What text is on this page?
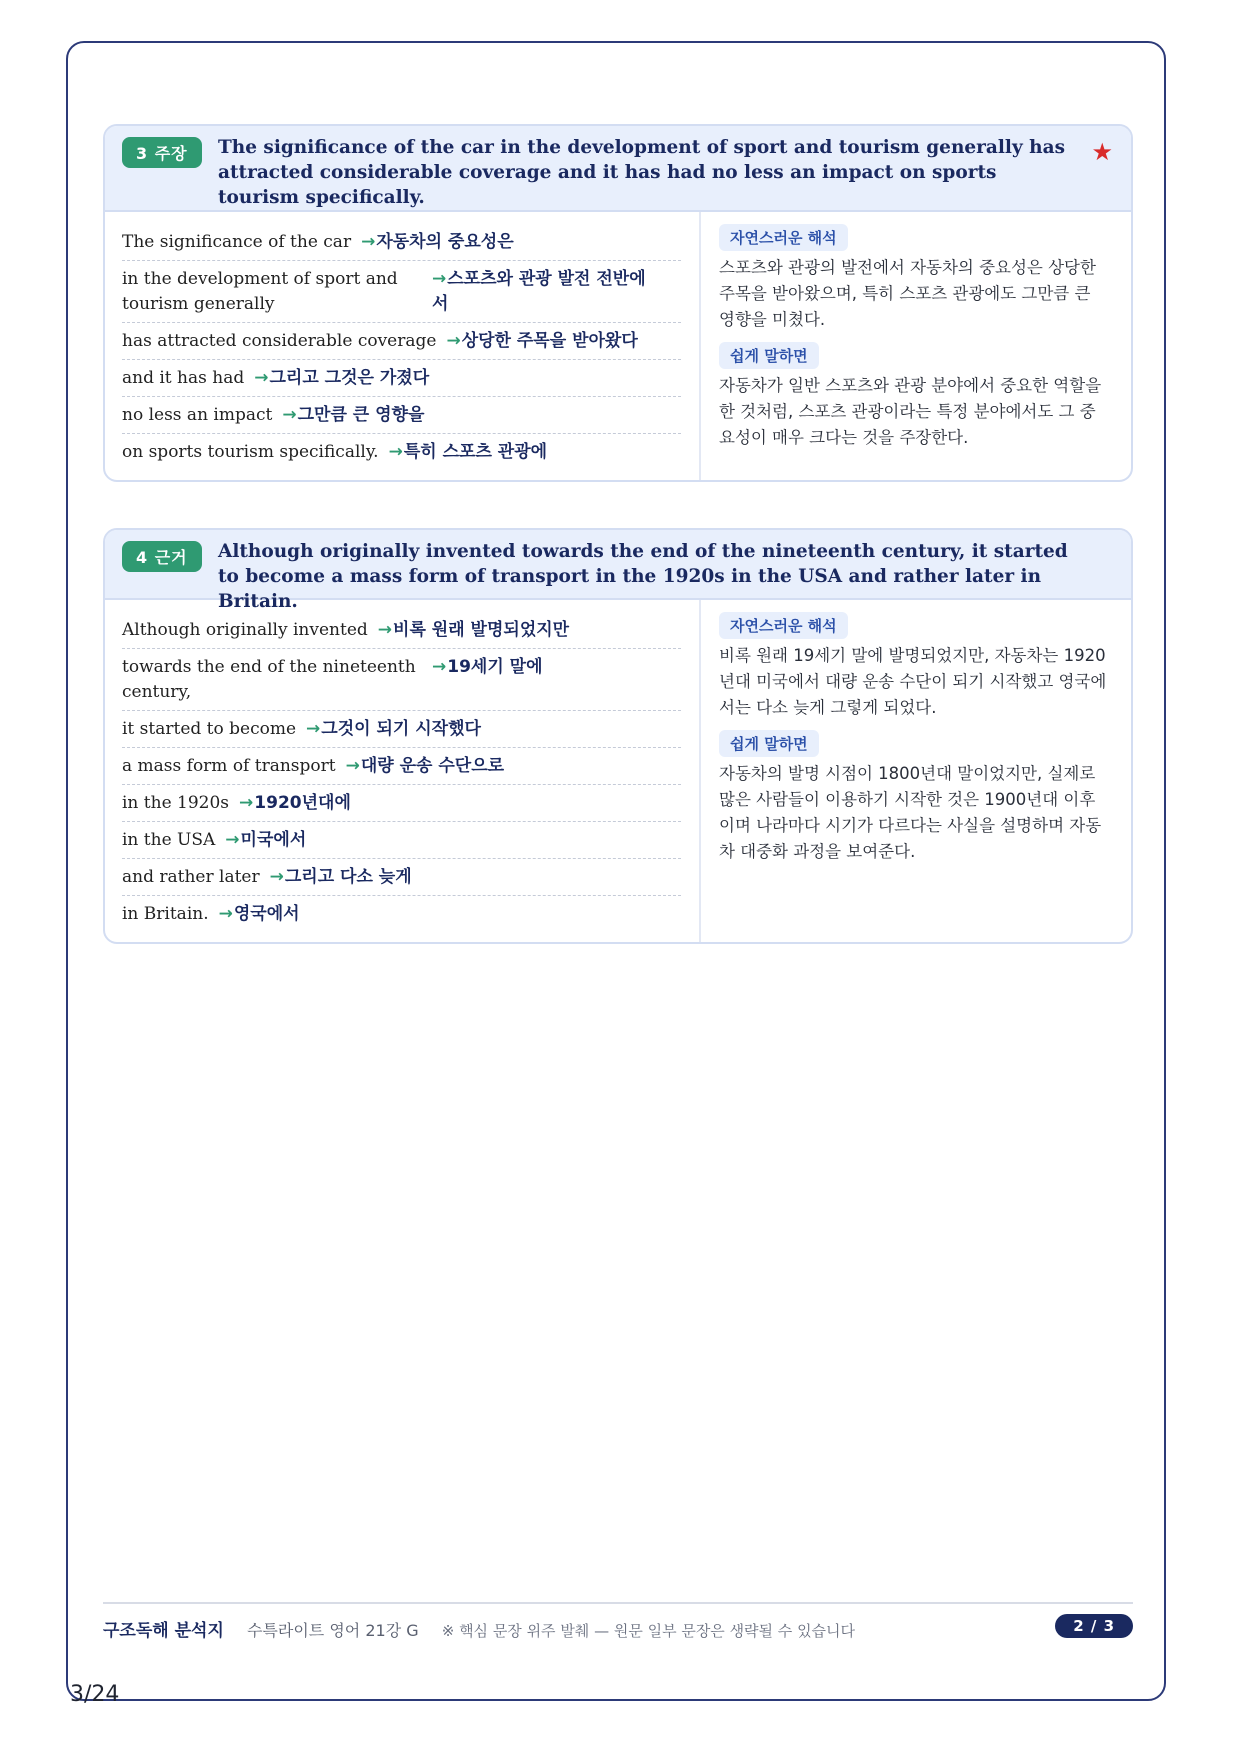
3 주장	The significance of the car in the development of sport and tourism generally has attracted considerable coverage and it has had no less an impact on sports tourism specifically.
★
The significance of the car →자동차의 중요성은
in the development of sport and tourism generally
→스포츠와 관광 발전 전반에서
has attracted considerable coverage →상당한 주목을 받아왔다
and it has had →그리고 그것은 가졌다
no less an impact →그만큼 큰 영향을
on sports tourism specifically. →특히 스포츠 관광에
자연스러운 해석

스포츠와 관광의 발전에서 자동차의 중요성은 상당한 주목을 받아왔으며, 특히 스포츠 관광에도 그만큼 큰 영향을 미쳤다.

쉽게 말하면

자동차가 일반 스포츠와 관광 분야에서 중요한 역할을 한 것처럼, 스포츠 관광이라는 특정 분야에서도 그 중요성이 매우 크다는 것을 주장한다.

4 근거	Although originally invented towards the end of the nineteenth century, it started to become a mass form of transport in the 1920s in the USA and rather later in Britain.
Although originally invented →비록 원래 발명되었지만
towards the end of the nineteenth century,
→19세기 말에
it started to become →그것이 되기 시작했다
a mass form of transport →대량 운송 수단으로
in the 1920s →1920년대에
in the USA →미국에서
and rather later →그리고 다소 늦게
in Britain. →영국에서
자연스러운 해석

비록 원래 19세기 말에 발명되었지만, 자동차는 1920년대 미국에서 대량 운송 수단이 되기 시작했고 영국에서는 다소 늦게 그렇게 되었다.

쉽게 말하면

자동차의 발명 시점이 1800년대 말이었지만, 실제로 많은 사람들이 이용하기 시작한 것은 1900년대 이후이며 나라마다 시기가 다르다는 사실을 설명하며 자동차 대중화 과정을 보여준다.

구조독해 분석지 수특라이트 영어 21강 G ※ 핵심 문장 위주 발췌 — 원문 일부 문장은 생략될 수 있습니다	2 / 3
3/24
